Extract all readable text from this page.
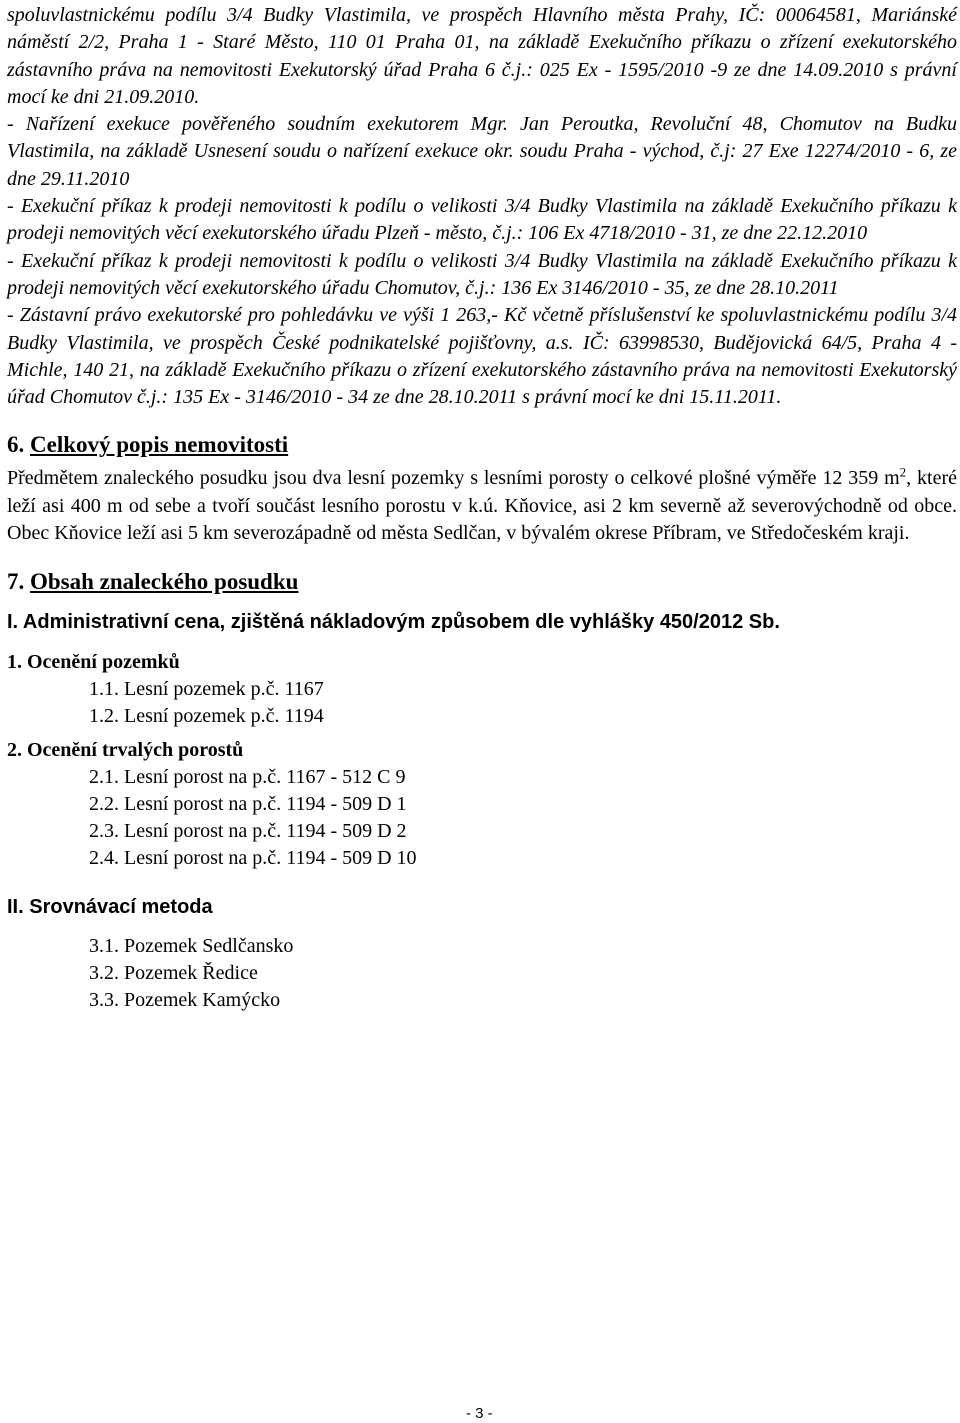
spoluvlastnickému podílu 3/4 Budky Vlastimila, ve prospěch Hlavního města Prahy, IČ: 00064581, Mariánské náměstí 2/2, Praha 1 - Staré Město, 110 01 Praha 01, na základě Exekučního příkazu o zřízení exekutorského zástavního práva na nemovitosti Exekutorský úřad Praha 6 č.j.: 025 Ex - 1595/2010 -9 ze dne 14.09.2010 s právní mocí ke dni 21.09.2010.

- Nařízení exekuce pověřeného soudním exekutorem Mgr. Jan Peroutka, Revoluční 48, Chomutov na Budku Vlastimila, na základě Usnesení soudu o nařízení exekuce okr. soudu Praha - východ, č.j: 27 Exe 12274/2010 - 6, ze dne 29.11.2010

- Exekuční příkaz k prodeji nemovitosti k podílu o velikosti 3/4 Budky Vlastimila na základě Exekučního příkazu k prodeji nemovitých věcí exekutorského úřadu Plzeň - město, č.j.: 106 Ex 4718/2010 - 31, ze dne 22.12.2010

- Exekuční příkaz k prodeji nemovitosti k podílu o velikosti 3/4 Budky Vlastimila na základě Exekučního příkazu k prodeji nemovitých věcí exekutorského úřadu Chomutov, č.j.: 136 Ex 3146/2010 - 35, ze dne 28.10.2011

- Zástavní právo exekutorské pro pohledávku ve výši 1 263,- Kč včetně příslušenství ke spoluvlastnickému podílu 3/4 Budky Vlastimila, ve prospěch České podnikatelské pojišťovny, a.s. IČ: 63998530, Budějovická 64/5, Praha 4 - Michle, 140 21, na základě Exekučního příkazu o zřízení exekutorského zástavního práva na nemovitosti Exekutorský úřad Chomutov č.j.: 135 Ex - 3146/2010 - 34 ze dne 28.10.2011 s právní mocí ke dni 15.11.2011.

6. Celkový popis nemovitosti

Předmětem znaleckého posudku jsou dva lesní pozemky s lesními porosty o celkové plošné výměře 12 359 $m^2$, které leží asi 400 m od sebe a tvoří součást lesního porostu v k.ú. Kňovice, asi 2 km severně až severovýchodně od obce. Obec Kňovice leží asi 5 km severozápadně od města Sedlčan, v bývalém okrese Příbram, ve Středočeském kraji.

7. Obsah znaleckého posudku

I. Administrativní cena, zjištěná nákladovým způsobem dle vyhlášky 450/2012 Sb.

1. Ocenění pozemků

1.1. Lesní pozemek p.č. 1167

1.2. Lesní pozemek p.č. 1194

2. Ocenění trvalých porostů

2.1. Lesní porost na p.č. 1167 - 512 C 9

2.2. Lesní porost na p.č. 1194 - 509 D 1

2.3. Lesní porost na p.č. 1194 - 509 D 2

2.4. Lesní porost na p.č. 1194 - 509 D 10

II. Srovnávací metoda

3.1. Pozemek Sedlčansko

3.2. Pozemek Ředice

3.3. Pozemek Kamýcko

- 3 -
